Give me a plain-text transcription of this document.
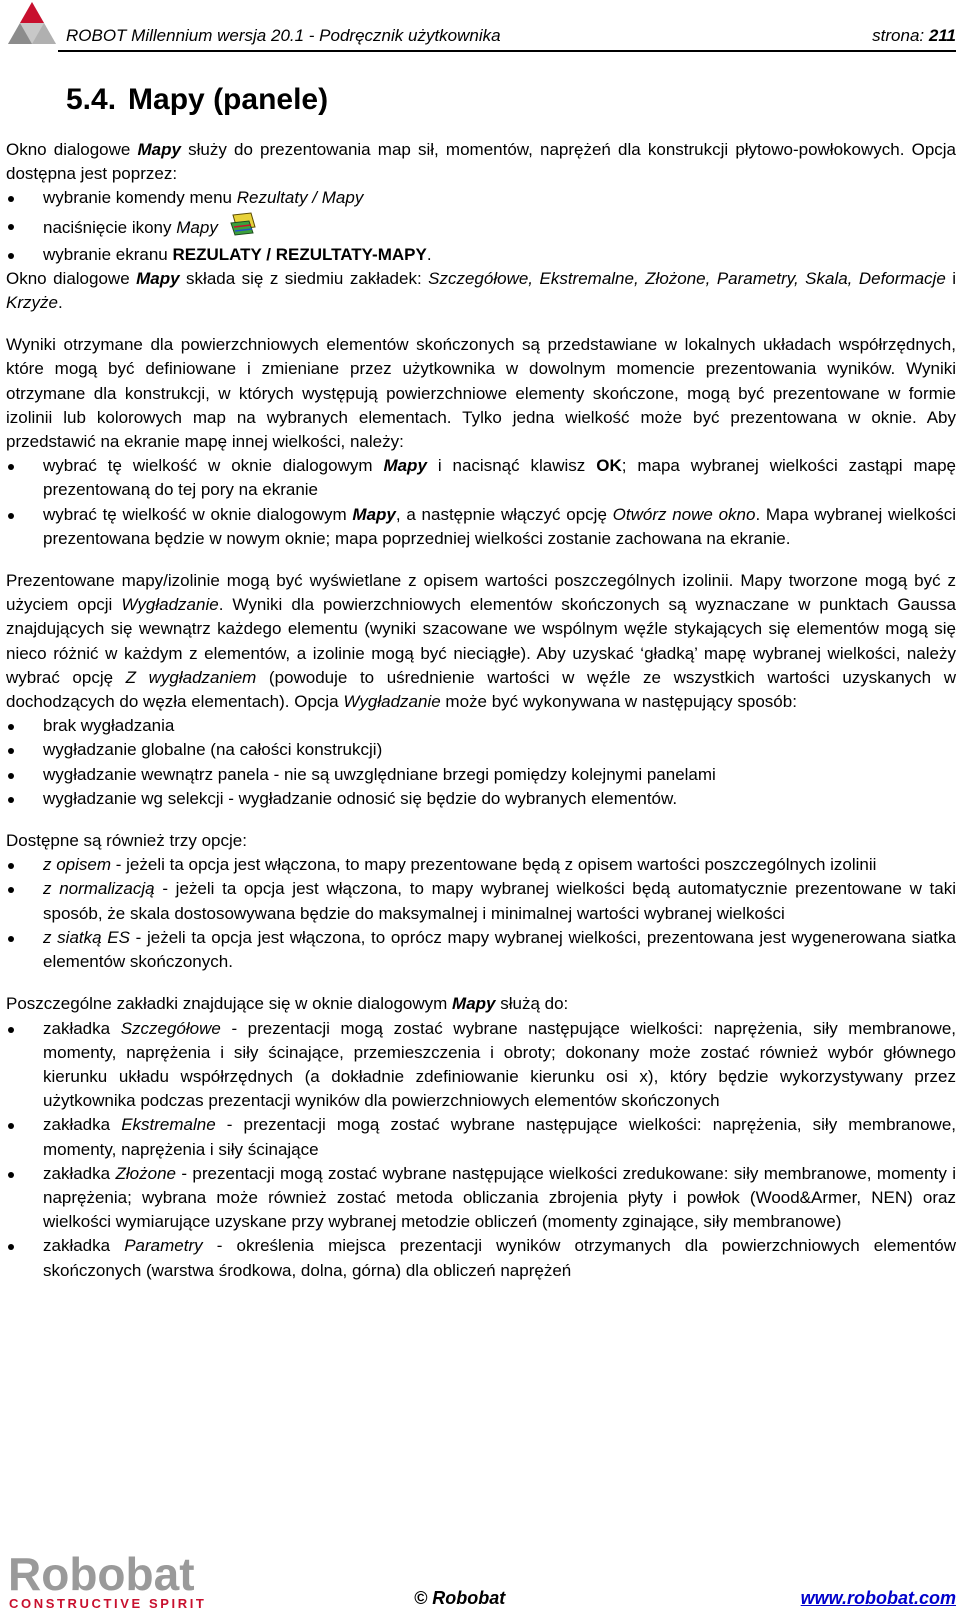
ROBOT Millennium wersja 20.1 - Podręcznik użytkownika	strona: 211
5.4. Mapy (panele)

Okno dialogowe Mapy służy do prezentowania map sił, momentów, naprężeń dla konstrukcji płytowo-powłokowych. Opcja dostępna jest poprzez:

wybranie komendy menu Rezultaty / Mapy
naciśnięcie ikony Mapy
wybranie ekranu REZULATY / REZULTATY-MAPY.

Okno dialogowe Mapy składa się z siedmiu zakładek: Szczegółowe, Ekstremalne, Złożone, Parametry, Skala, Deformacje i Krzyże.

Wyniki otrzymane dla powierzchniowych elementów skończonych są przedstawiane w lokalnych układach współrzędnych, które mogą być definiowane i zmieniane przez użytkownika w dowolnym momencie prezentowania wyników. Wyniki otrzymane dla konstrukcji, w których występują powierzchniowe elementy skończone, mogą być prezentowane w formie izolinii lub kolorowych map na wybranych elementach. Tylko jedna wielkość może być prezentowana w oknie. Aby przedstawić na ekranie mapę innej wielkości, należy:

wybrać tę wielkość w oknie dialogowym Mapy i nacisnąć klawisz OK; mapa wybranej wielkości zastąpi mapę prezentowaną do tej pory na ekranie
wybrać tę wielkość w oknie dialogowym Mapy, a następnie włączyć opcję Otwórz nowe okno. Mapa wybranej wielkości prezentowana będzie w nowym oknie; mapa poprzedniej wielkości zostanie zachowana na ekranie.

Prezentowane mapy/izolinie mogą być wyświetlane z opisem wartości poszczególnych izolinii. Mapy tworzone mogą być z użyciem opcji Wygładzanie. Wyniki dla powierzchniowych elementów skończonych są wyznaczane w punktach Gaussa znajdujących się wewnątrz każdego elementu (wyniki szacowane we wspólnym węźle stykających się elementów mogą się nieco różnić w każdym z elementów, a izolinie mogą być nieciągłe). Aby uzyskać ‘gładką’ mapę wybranej wielkości, należy wybrać opcję Z wygładzaniem (powoduje to uśrednienie wartości w węźle ze wszystkich wartości uzyskanych w dochodzących do węzła elementach). Opcja Wygładzanie może być wykonywana w następujący sposób:

brak wygładzania
wygładzanie globalne (na całości konstrukcji)
wygładzanie wewnątrz panela - nie są uwzględniane brzegi pomiędzy kolejnymi panelami
wygładzanie wg selekcji - wygładzanie odnosić się będzie do wybranych elementów.

Dostępne są również trzy opcje:

z opisem - jeżeli ta opcja jest włączona, to mapy prezentowane będą z opisem wartości poszczególnych izolinii
z normalizacją - jeżeli ta opcja jest włączona, to mapy wybranej wielkości będą automatycznie prezentowane w taki sposób, że skala dostosowywana będzie do maksymalnej i minimalnej wartości wybranej wielkości
z siatką ES - jeżeli ta opcja jest włączona, to oprócz mapy wybranej wielkości, prezentowana jest wygenerowana siatka elementów skończonych.

Poszczególne zakładki znajdujące się w oknie dialogowym Mapy służą do:

zakładka Szczegółowe - prezentacji mogą zostać wybrane następujące wielkości: naprężenia, siły membranowe, momenty, naprężenia i siły ścinające, przemieszczenia i obroty; dokonany może zostać również wybór głównego kierunku układu współrzędnych (a dokładnie zdefiniowanie kierunku osi x), który będzie wykorzystywany przez użytkownika podczas prezentacji wyników dla powierzchniowych elementów skończonych
zakładka Ekstremalne - prezentacji mogą zostać wybrane następujące wielkości: naprężenia, siły membranowe, momenty, naprężenia i siły ścinające
zakładka Złożone - prezentacji mogą zostać wybrane następujące wielkości zredukowane: siły membranowe, momenty i naprężenia; wybrana może również zostać metoda obliczania zbrojenia płyty i powłok (Wood&Armer, NEN) oraz wielkości wymiarujące uzyskane przy wybranej metodzie obliczeń (momenty zginające, siły membranowe)
zakładka Parametry - określenia miejsca prezentacji wyników otrzymanych dla powierzchniowych elementów skończonych (warstwa środkowa, dolna, górna) dla obliczeń naprężeń
Robobat
CONSTRUCTIVE SPIRIT	© Robobat	www.robobat.com
